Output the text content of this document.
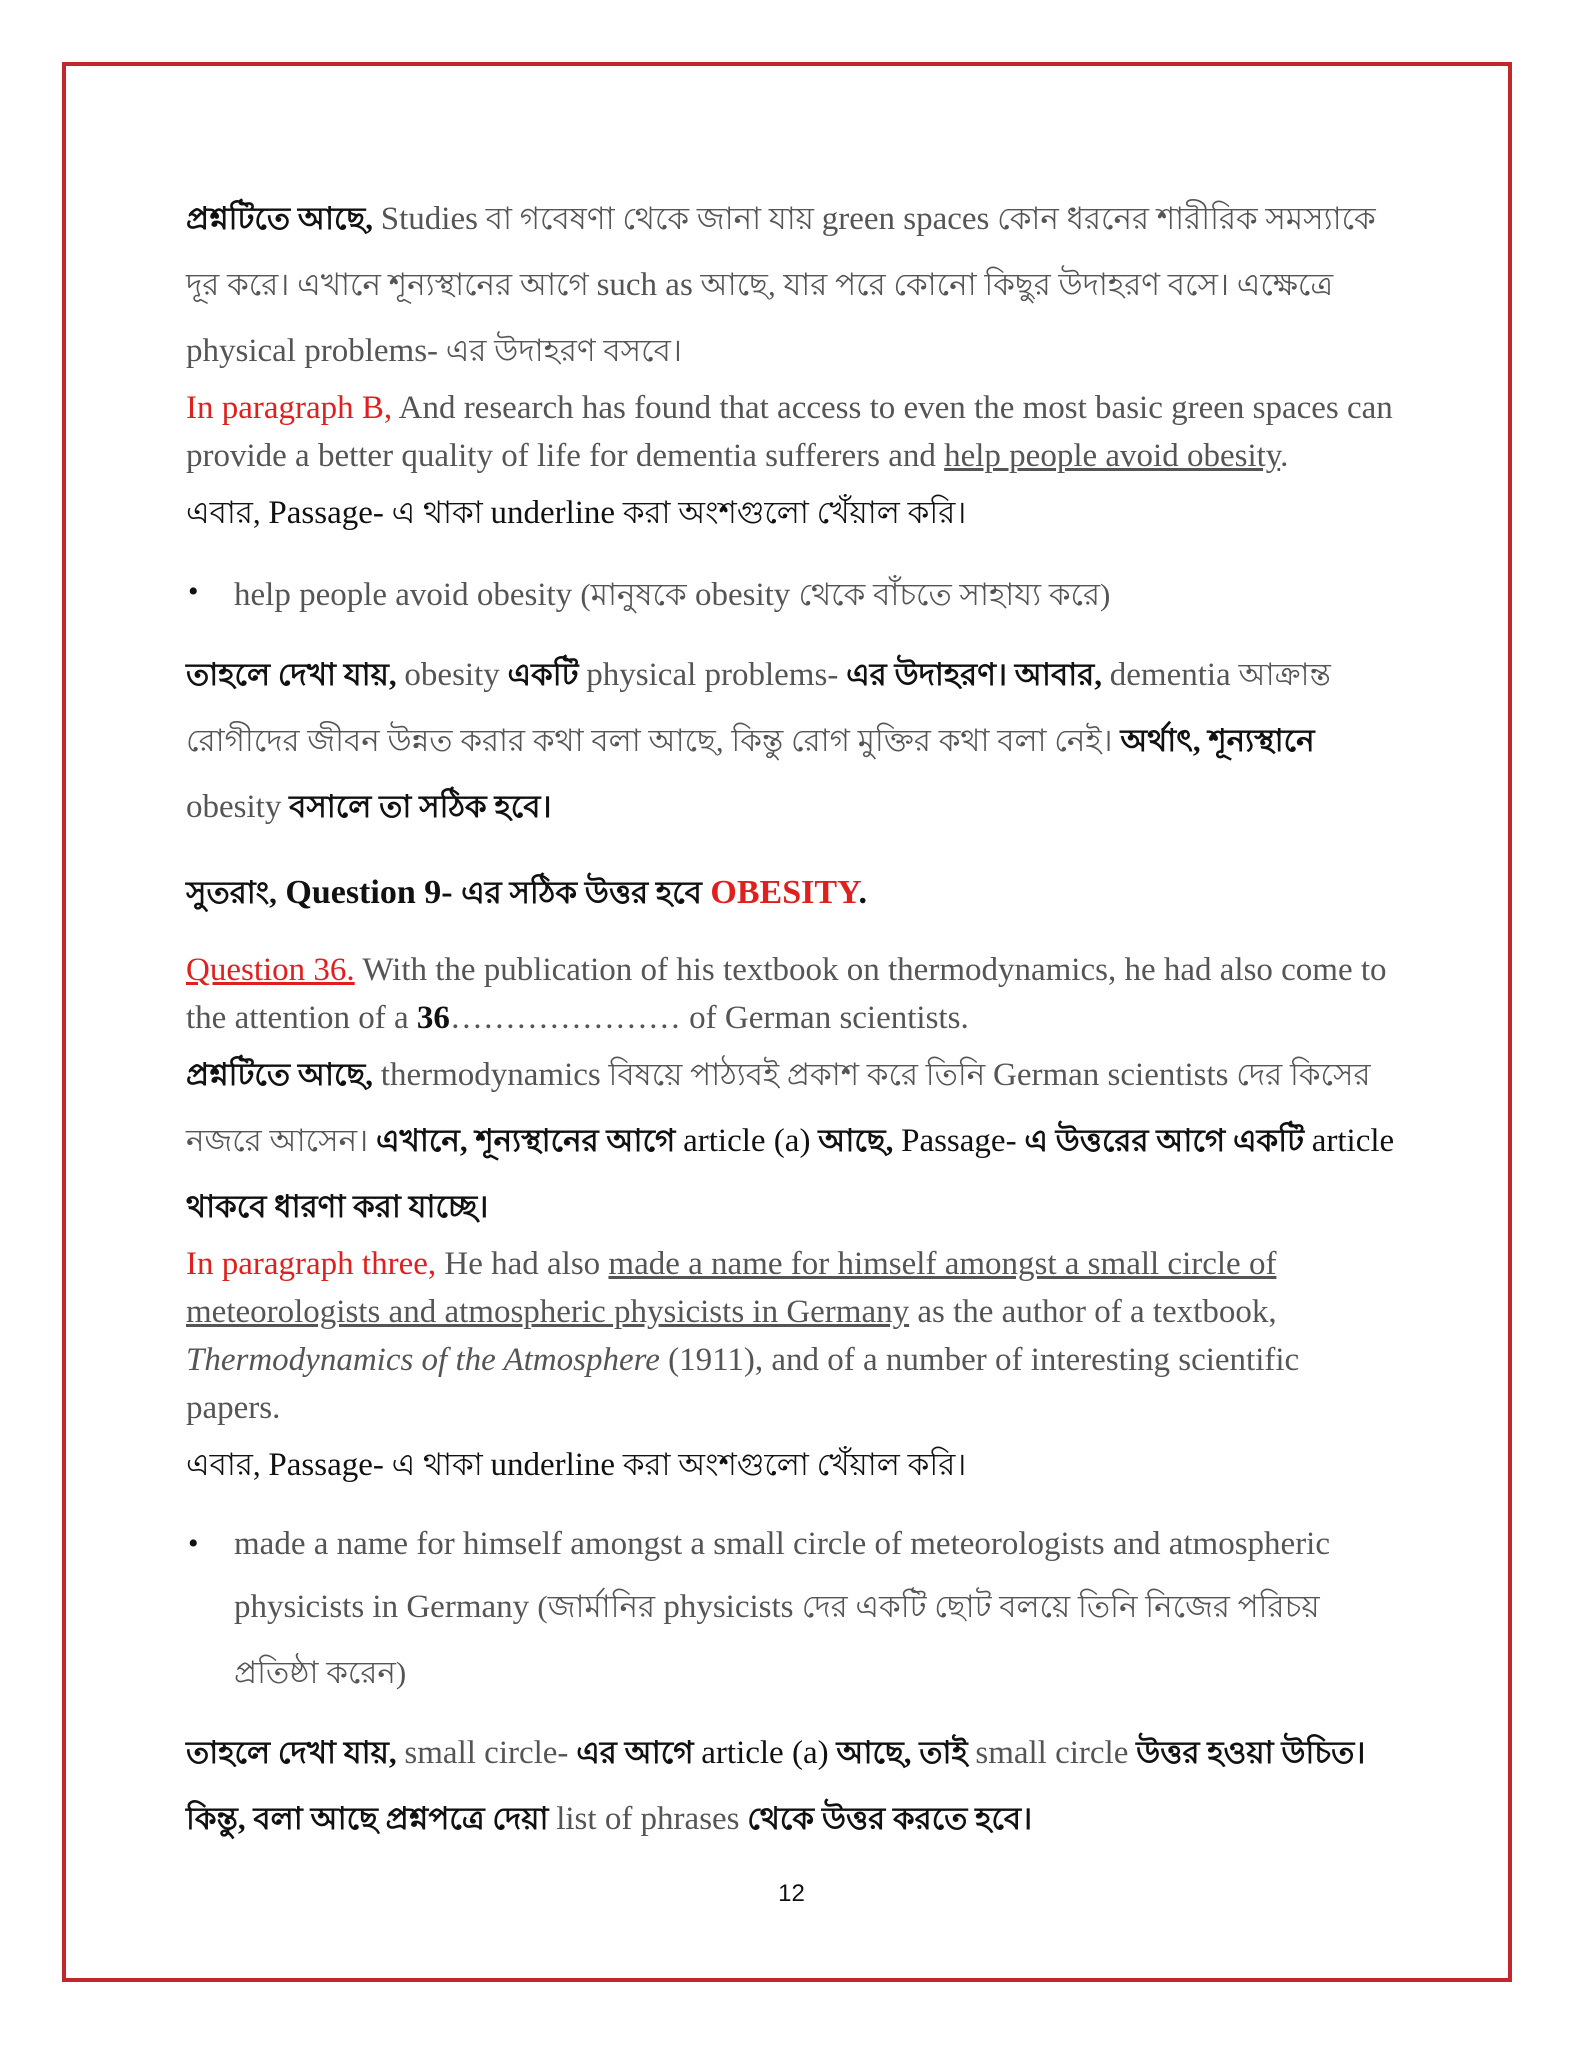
প্রশ্নটিতে আছে, Studies বা গবেষণা থেকে জানা যায় green spaces কোন ধরনের শারীরিক সমস্যাকে দূর করে। এখানে শূন্যস্থানের আগে such as আছে, যার পরে কোনো কিছুর উদাহরণ বসে। এক্ষেত্রে physical problems- এর উদাহরণ বসবে।

In paragraph B, And research has found that access to even the most basic green spaces can provide a better quality of life for dementia sufferers and help people avoid obesity.

এবার, Passage- এ থাকা underline করা অংশগুলো খেঁয়াল করি।

• help people avoid obesity (মানুষকে obesity থেকে বাঁচতে সাহায্য করে)

তাহলে দেখা যায়, obesity একটি physical problems- এর উদাহরণ। আবার, dementia আক্রান্ত রোগীদের জীবন উন্নত করার কথা বলা আছে, কিন্তু রোগ মুক্তির কথা বলা নেই। অর্থাৎ, শূন্যস্থানে obesity বসালে তা সঠিক হবে।

সুতরাং, Question 9- এর সঠিক উত্তর হবে OBESITY.

Question 36. With the publication of his textbook on thermodynamics, he had also come to the attention of a 36………………… of German scientists.

প্রশ্নটিতে আছে, thermodynamics বিষয়ে পাঠ্যবই প্রকাশ করে তিনি German scientists দের কিসের নজরে আসেন। এখানে, শূন্যস্থানের আগে article (a) আছে, Passage- এ উত্তরের আগে একটি article থাকবে ধারণা করা যাচ্ছে।

In paragraph three, He had also made a name for himself amongst a small circle of meteorologists and atmospheric physicists in Germany as the author of a textbook, Thermodynamics of the Atmosphere (1911), and of a number of interesting scientific papers.

এবার, Passage- এ থাকা underline করা অংশগুলো খেঁয়াল করি।

• made a name for himself amongst a small circle of meteorologists and atmospheric physicists in Germany (জার্মানির physicists দের একটি ছোট বলয়ে তিনি নিজের পরিচয় প্রতিষ্ঠা করেন)

তাহলে দেখা যায়, small circle- এর আগে article (a) আছে, তাই small circle উত্তর হওয়া উচিত। কিন্তু, বলা আছে প্রশ্নপত্রে দেয়া list of phrases থেকে উত্তর করতে হবে।

12
